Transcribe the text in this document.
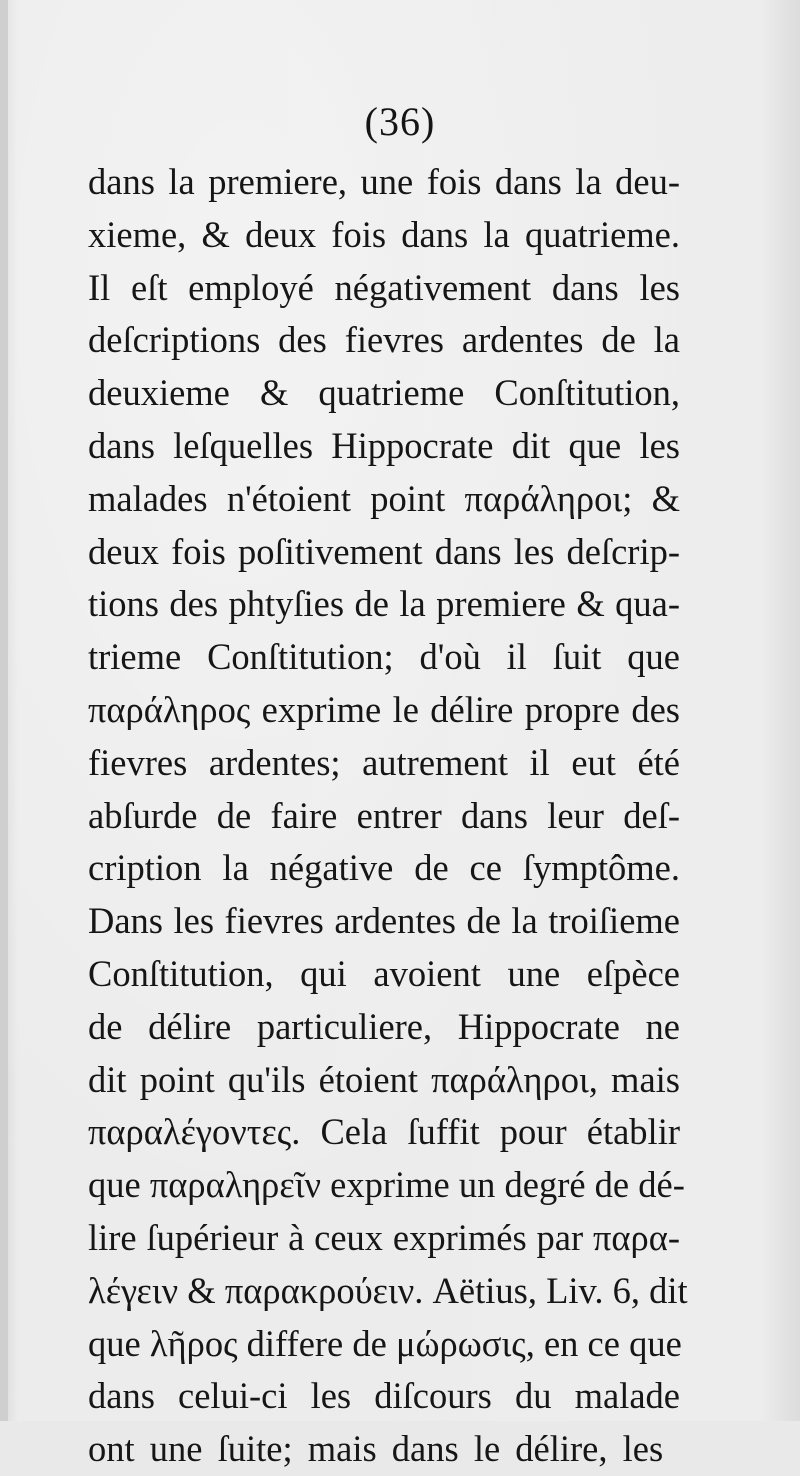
(36)
dans la premiere, une fois dans la deu-
xieme, & deux fois dans la quatrieme.
Il eſt employé négativement dans les
deſcriptions des fievres ardentes de la
deuxieme & quatrieme Conſtitution,
dans leſquelles Hippocrate dit que les
malades n'étoient point παράληροι; &
deux fois poſitivement dans les deſcrip-
tions des phtyſies de la premiere & qua-
trieme Conſtitution; d'où il ſuit que
παράληρος exprime le délire propre des
fievres ardentes; autrement il eut été
abſurde de faire entrer dans leur deſ-
cription la négative de ce ſymptôme.
Dans les fievres ardentes de la troiſieme
Conſtitution, qui avoient une eſpèce
de délire particuliere, Hippocrate ne
dit point qu'ils étoient παράληροι, mais
παραλέγοντες. Cela ſuffit pour établir
que παραληρεῖν exprime un degré de dé-
lire ſupérieur à ceux exprimés par παρα-
λέγειν & παρακρούειν. Aëtius, Liv. 6, dit
que λῆρος differe de μώρωσις, en ce que
dans celui-ci les diſcours du malade
ont une ſuite; mais dans le délire, les
